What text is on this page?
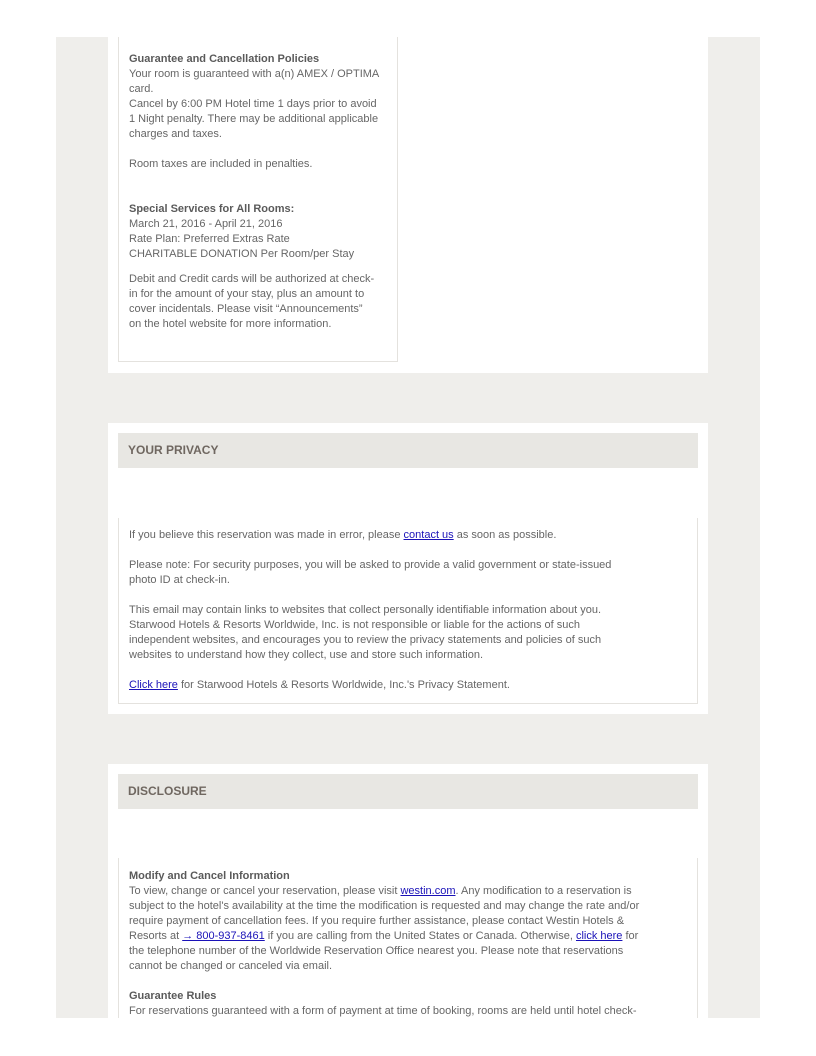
Guarantee and Cancellation Policies

Your room is guaranteed with a(n) AMEX / OPTIMA

card.

Cancel by 6:00 PM Hotel time 1 days prior to avoid

1 Night penalty. There may be additional applicable

charges and taxes.

Room taxes are included in penalties.

Special Services for All Rooms:

March 21, 2016 - April 21, 2016

Rate Plan: Preferred Extras Rate

CHARITABLE DONATION Per Room/per Stay

Debit and Credit cards will be authorized at check-

in for the amount of your stay, plus an amount to

cover incidentals. Please visit “Announcements”

on the hotel website for more information.

YOUR PRIVACY

If you believe this reservation was made in error, please contact us as soon as possible.

Please note: For security purposes, you will be asked to provide a valid government or state-issued

photo ID at check-in.

This email may contain links to websites that collect personally identifiable information about you.

Starwood Hotels & Resorts Worldwide, Inc. is not responsible or liable for the actions of such

independent websites, and encourages you to review the privacy statements and policies of such

websites to understand how they collect, use and store such information.

Click here for Starwood Hotels & Resorts Worldwide, Inc.'s Privacy Statement.

DISCLOSURE

Modify and Cancel Information

To view, change or cancel your reservation, please visit westin.com. Any modification to a reservation is

subject to the hotel's availability at the time the modification is requested and may change the rate and/or

require payment of cancellation fees. If you require further assistance, please contact Westin Hotels &

Resorts at → 800-937-8461 if you are calling from the United States or Canada. Otherwise, click here for

the telephone number of the Worldwide Reservation Office nearest you. Please note that reservations

cannot be changed or canceled via email.

Guarantee Rules

For reservations guaranteed with a form of payment at time of booking, rooms are held until hotel check-
